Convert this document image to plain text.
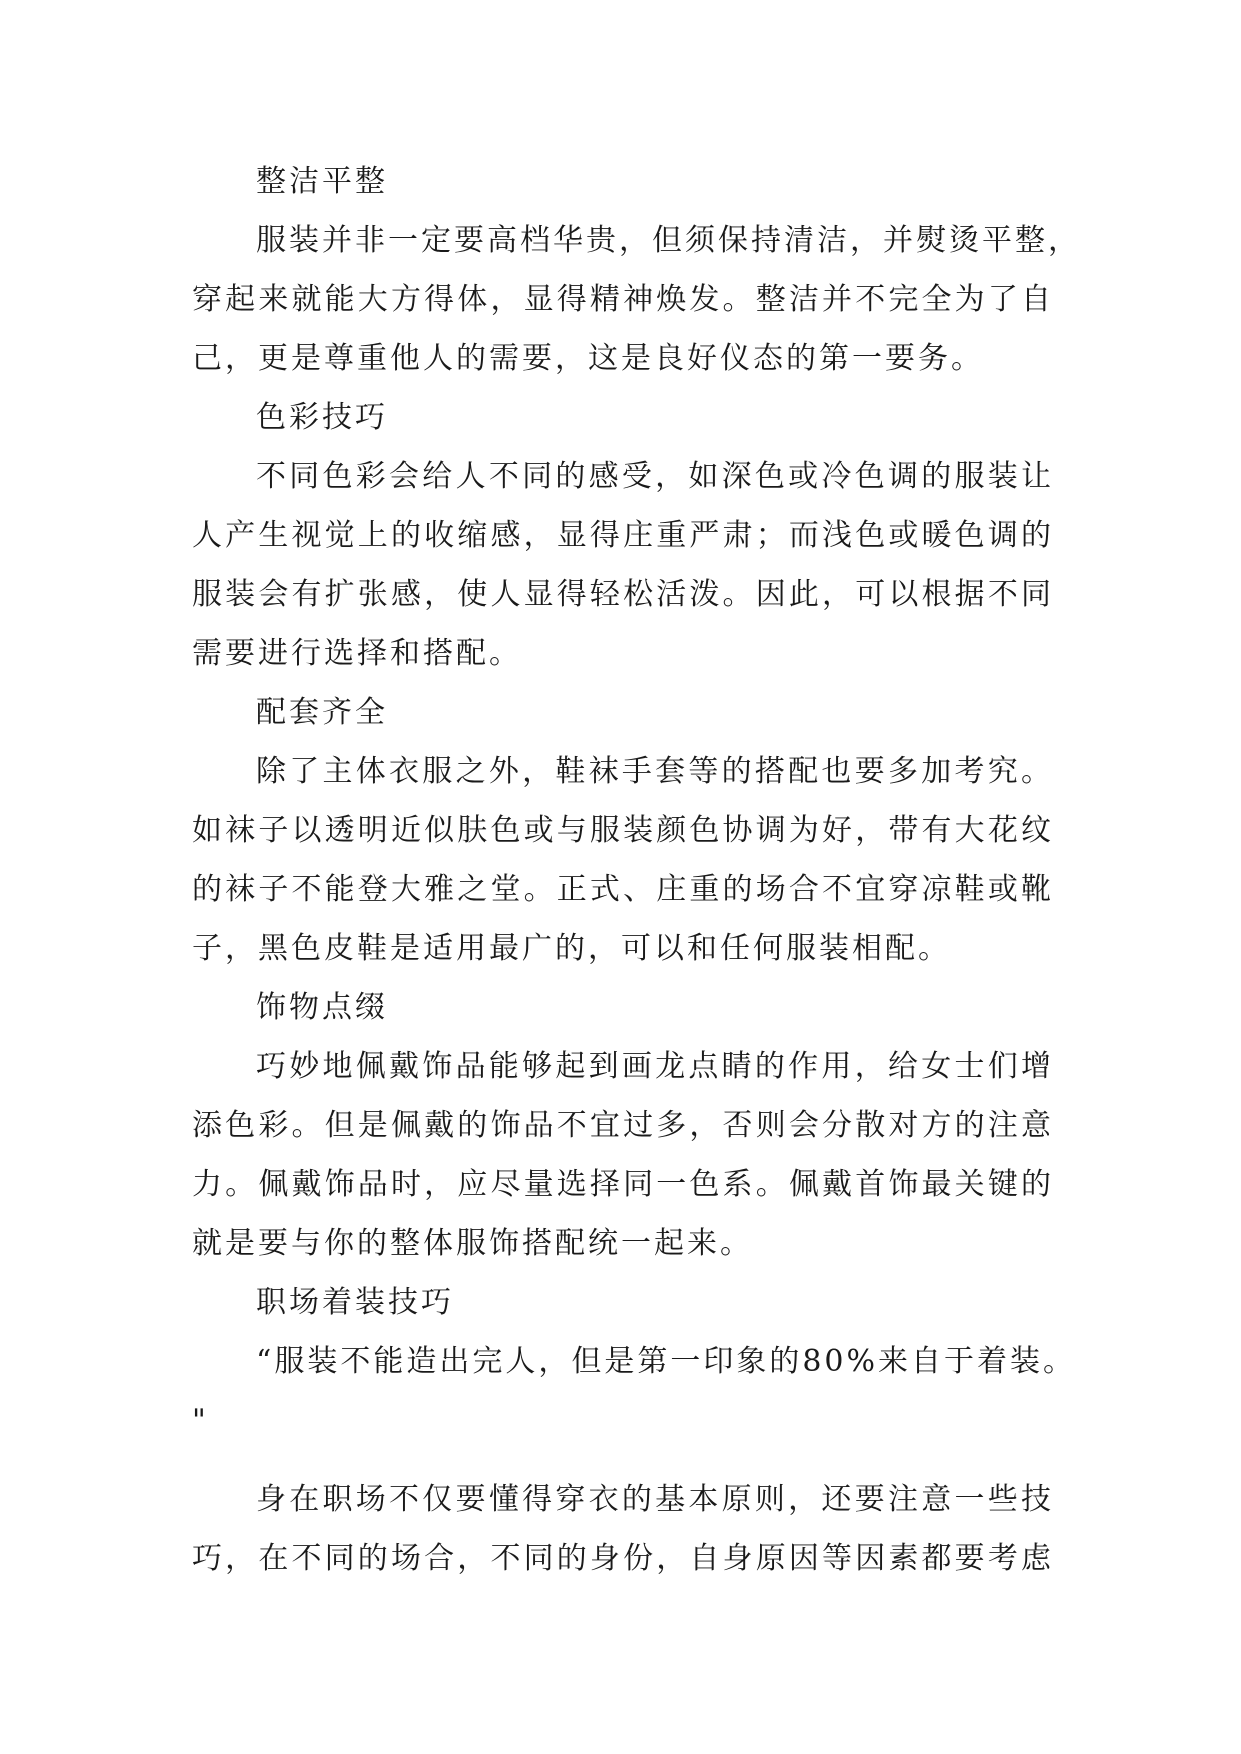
整洁平整
服装并非一定要高档华贵，但须保持清洁，并熨烫平整，
穿起来就能大方得体，显得精神焕发。整洁并不完全为了自
己，更是尊重他人的需要，这是良好仪态的第一要务。
色彩技巧
不同色彩会给人不同的感受，如深色或冷色调的服装让
人产生视觉上的收缩感，显得庄重严肃；而浅色或暖色调的
服装会有扩张感，使人显得轻松活泼。因此，可以根据不同
需要进行选择和搭配。
配套齐全
除了主体衣服之外，鞋袜手套等的搭配也要多加考究。
如袜子以透明近似肤色或与服装颜色协调为好，带有大花纹
的袜子不能登大雅之堂。正式、庄重的场合不宜穿凉鞋或靴
子，黑色皮鞋是适用最广的，可以和任何服装相配。
饰物点缀
巧妙地佩戴饰品能够起到画龙点睛的作用，给女士们增
添色彩。但是佩戴的饰品不宜过多，否则会分散对方的注意
力。佩戴饰品时，应尽量选择同一色系。佩戴首饰最关键的
就是要与你的整体服饰搭配统一起来。
职场着装技巧
“服装不能造出完人，但是第一印象的80%来自于着装。
"
身在职场不仅要懂得穿衣的基本原则，还要注意一些技
巧，在不同的场合，不同的身份，自身原因等因素都要考虑
